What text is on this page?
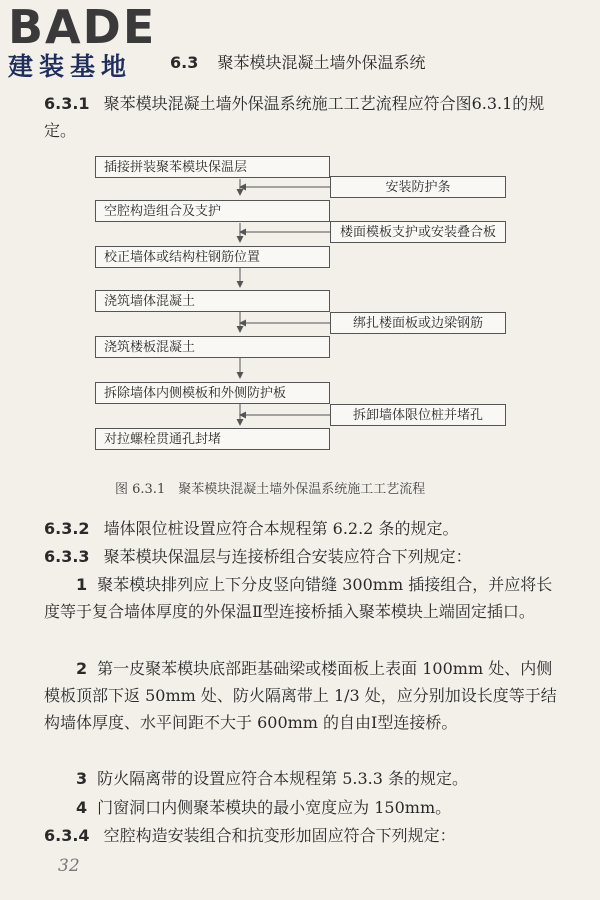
BADE
建装基地	6.3 聚苯模块混凝土墙外保温系统
6.3.1 聚苯模块混凝土墙外保温系统施工工艺流程应符合图6.3.1的规定。
插接拼装聚苯模块保温层
空腔构造组合及支护
校正墙体或结构柱钢筋位置
浇筑墙体混凝土
浇筑楼板混凝土
拆除墙体内侧模板和外侧防护板
对拉螺栓贯通孔封堵
安装防护条
楼面模板支护或安装叠合板
绑扎楼面板或边梁钢筋
拆卸墙体限位桩并堵孔
图 6.3.1　聚苯模块混凝土墙外保温系统施工工艺流程
6.3.2 墙体限位桩设置应符合本规程第 6.2.2 条的规定。
6.3.3 聚苯模块保温层与连接桥组合安装应符合下列规定：
1 聚苯模块排列应上下分皮竖向错缝 300mm 插接组合，并应将长度等于复合墙体厚度的外保温Ⅱ型连接桥插入聚苯模块上端固定插口。
2 第一皮聚苯模块底部距基础梁或楼面板上表面 100mm 处、内侧模板顶部下返 50mm 处、防火隔离带上 1/3 处，应分别加设长度等于结构墙体厚度、水平间距不大于 600mm 的自由Ⅰ型连接桥。
3 防火隔离带的设置应符合本规程第 5.3.3 条的规定。
4 门窗洞口内侧聚苯模块的最小宽度应为 150mm。
6.3.4 空腔构造安装组合和抗变形加固应符合下列规定：
32
